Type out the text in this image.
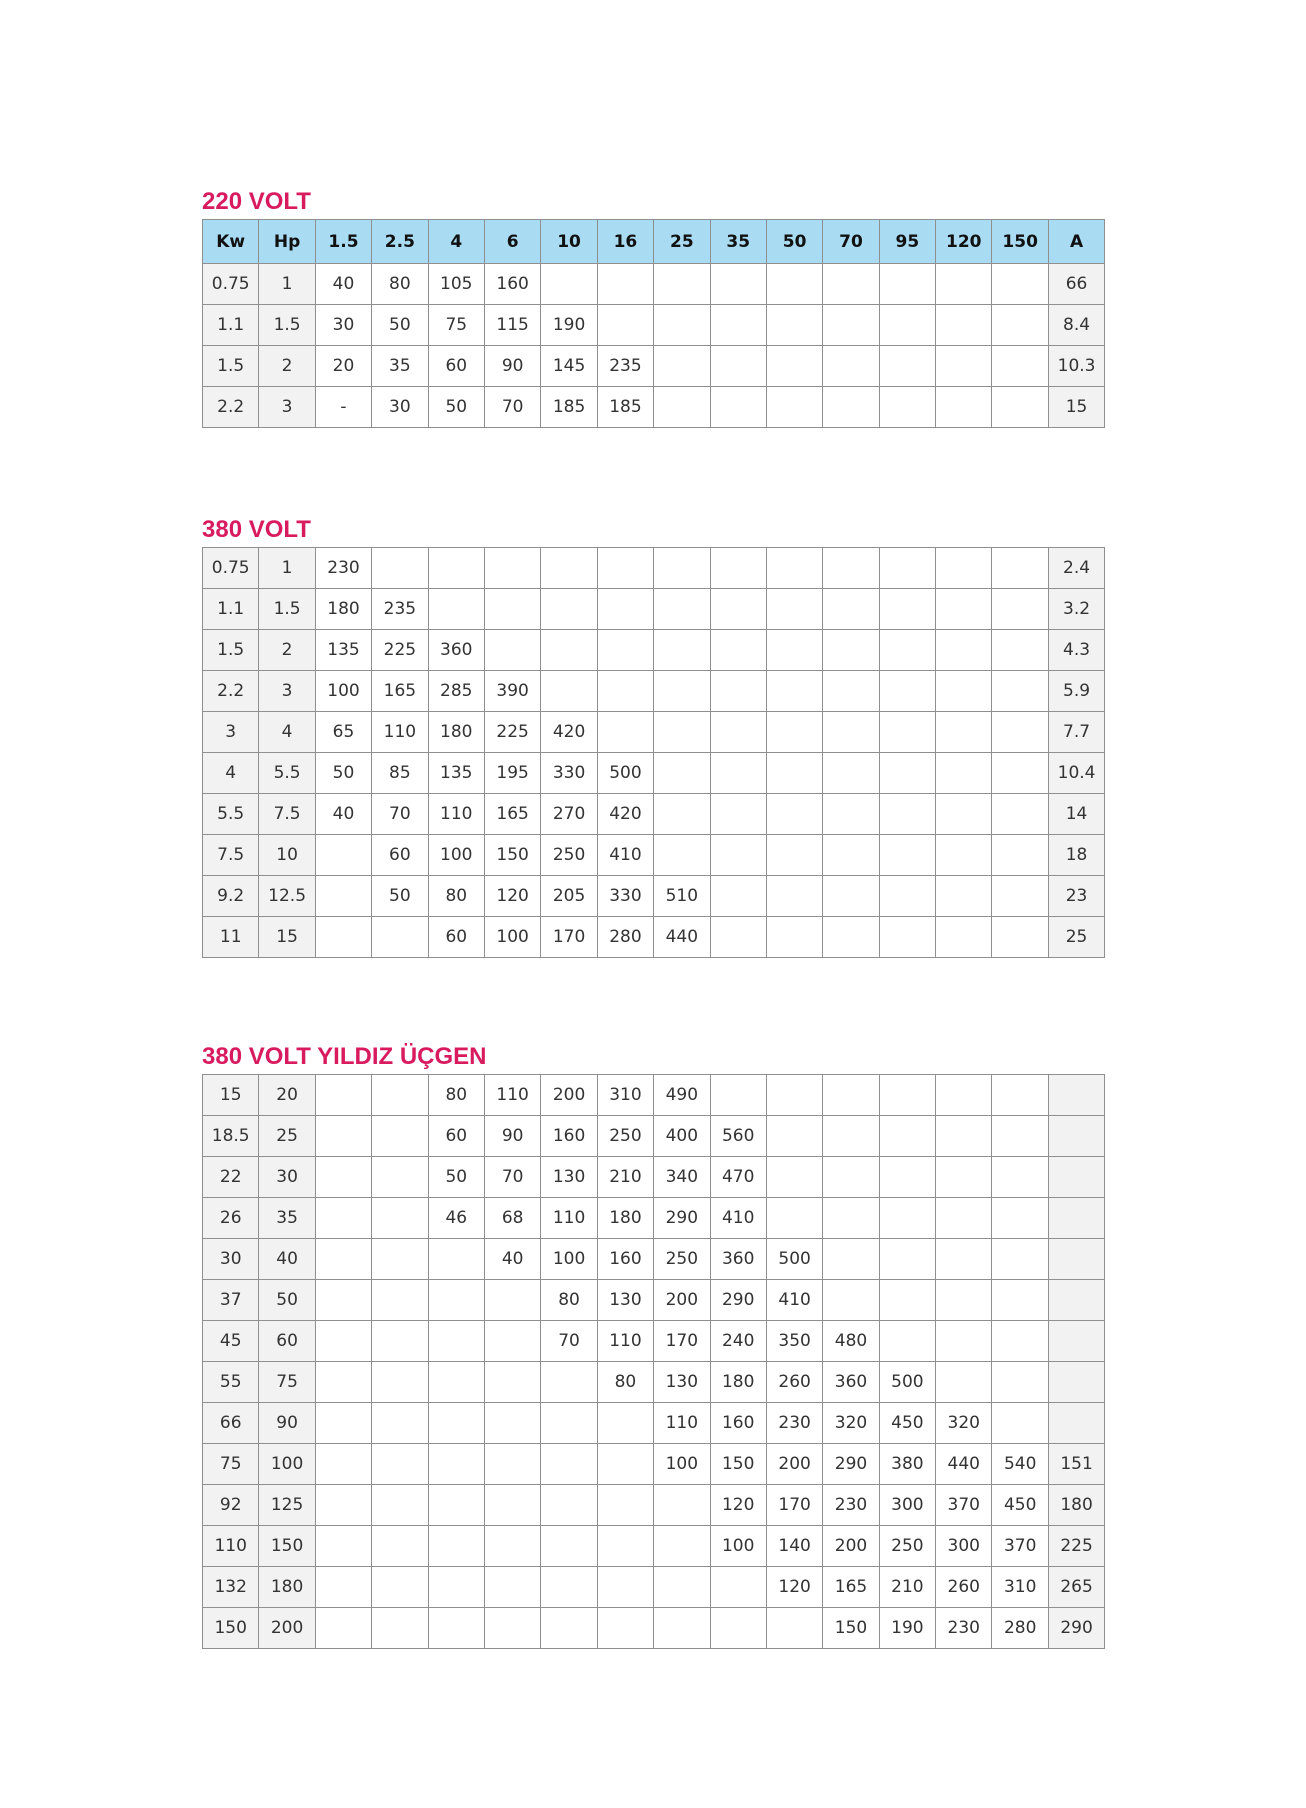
220 VOLT
Kw	Hp	1.5	2.5	4	6	10	16	25	35	50	70	95	120	150	A
0.75	1	40	80	105	160										66
1.1	1.5	30	50	75	115	190									8.4
1.5	2	20	35	60	90	145	235								10.3
2.2	3	-	30	50	70	185	185								15
380 VOLT
0.75	1	230													2.4
1.1	1.5	180	235												3.2
1.5	2	135	225	360											4.3
2.2	3	100	165	285	390										5.9
3	4	65	110	180	225	420									7.7
4	5.5	50	85	135	195	330	500								10.4
5.5	7.5	40	70	110	165	270	420								14
7.5	10		60	100	150	250	410								18
9.2	12.5		50	80	120	205	330	510							23
11	15			60	100	170	280	440							25
380 VOLT YILDIZ ÜÇGEN
15	20			80	110	200	310	490							
18.5	25			60	90	160	250	400	560						
22	30			50	70	130	210	340	470						
26	35			46	68	110	180	290	410						
30	40				40	100	160	250	360	500					
37	50					80	130	200	290	410					
45	60					70	110	170	240	350	480				
55	75						80	130	180	260	360	500			
66	90							110	160	230	320	450	320		
75	100							100	150	200	290	380	440	540	151
92	125								120	170	230	300	370	450	180
110	150								100	140	200	250	300	370	225
132	180									120	165	210	260	310	265
150	200										150	190	230	280	290
